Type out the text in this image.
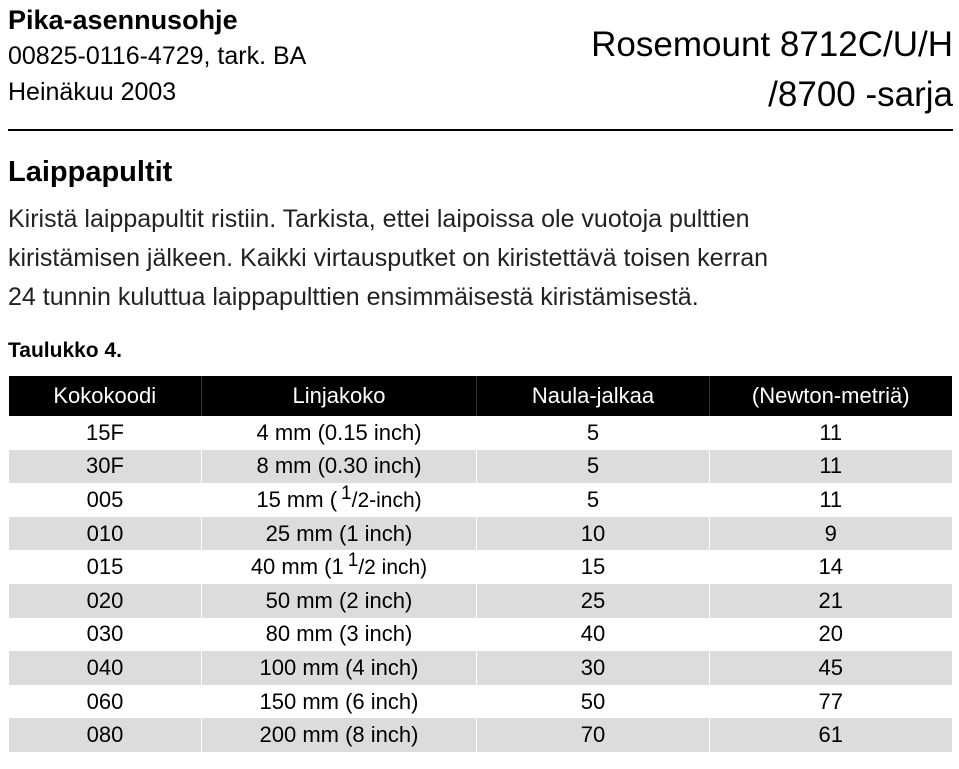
Pika-asennusohje
00825-0116-4729, tark. BA
Heinäkuu 2003
Rosemount 8712C/U/H
/8700 -sarja
Laippapultit
Kiristä laippapultit ristiin. Tarkista, ettei laipoissa ole vuotoja pulttien
kiristämisen jälkeen. Kaikki virtausputket on kiristettävä toisen kerran
24 tunnin kuluttua laippapulttien ensimmäisestä kiristämisestä.
Taulukko 4.
Kokokoodi	Linjakoko	Naula-jalkaa	(Newton-metriä)
15F	4 mm (0.15 inch)	5	11
30F	8 mm (0.30 inch)	5	11
005	15 mm ( 1/2-inch)	5	11
010	25 mm (1 inch)	10	9
015	40 mm (1 1/2 inch)	15	14
020	50 mm (2 inch)	25	21
030	80 mm (3 inch)	40	20
040	100 mm (4 inch)	30	45
060	150 mm (6 inch)	50	77
080	200 mm (8 inch)	70	61
